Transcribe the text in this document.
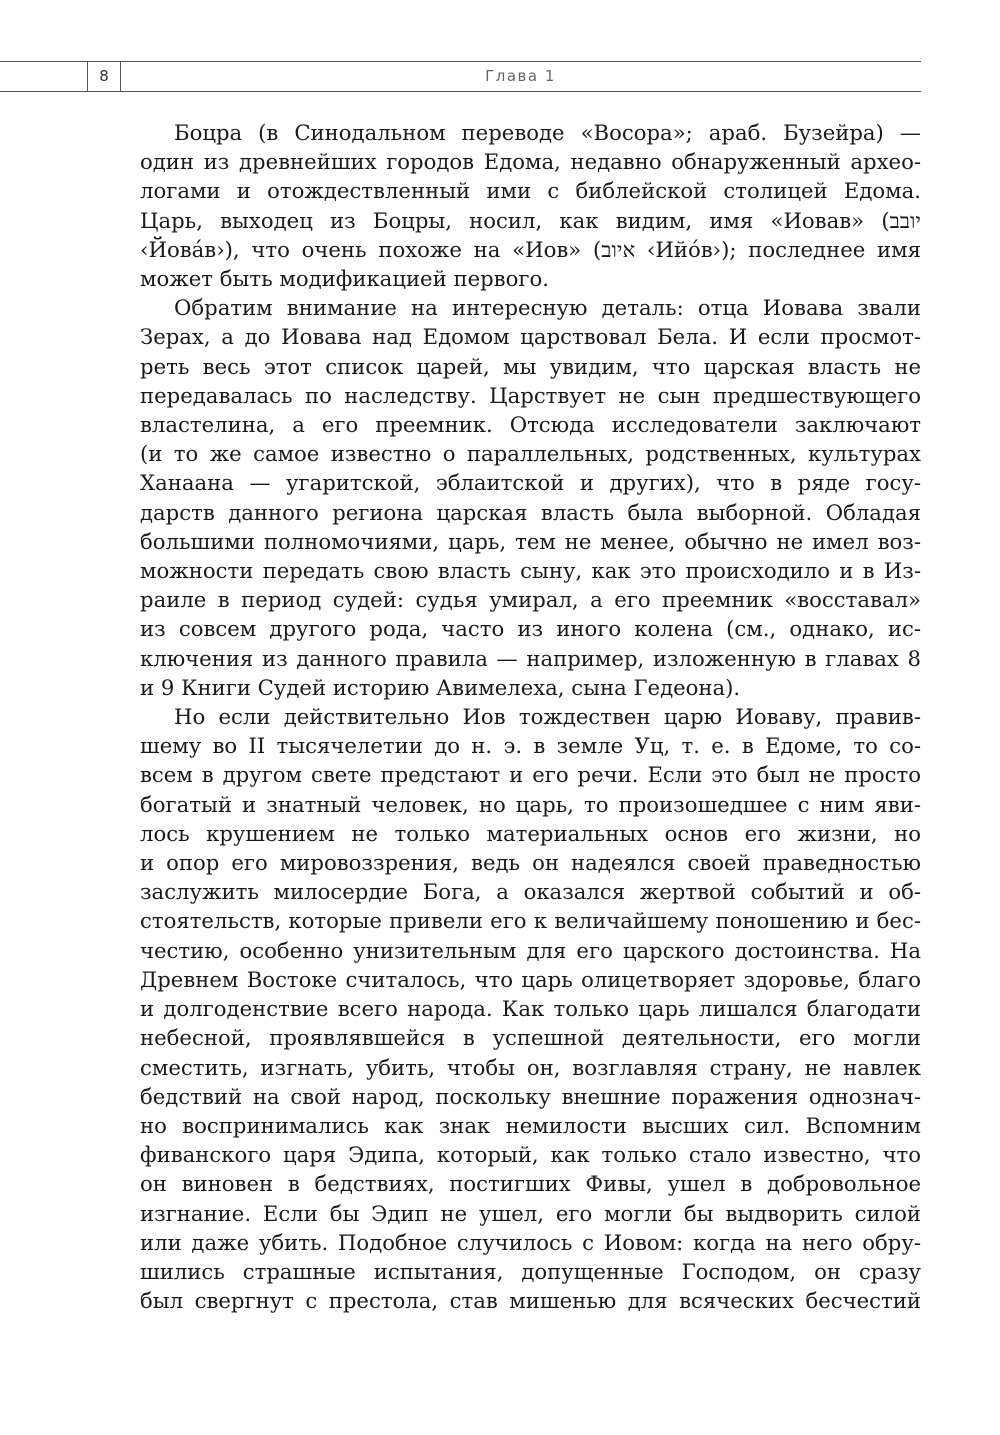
8	Глава 1

Боцра (в Синодальном переводе «Восора»; араб. Бузейра) —
один из древнейших городов Едома, недавно обнаруженный архео-
логами и отождествленный ими с библейской столицей Едома.
Царь, выходец из Боцры, носил, как видим, имя «Иовав» (יובב
‹Йова́в›), что очень похоже на «Иов» (איוב ‹Ийо́в›); последнее имя
может быть модификацией первого.

Обратим внимание на интересную деталь: отца Иовава звали
Зерах, а до Иовава над Едомом царствовал Бела. И если просмот-
реть весь этот список царей, мы увидим, что царская власть не
передавалась по наследству. Царствует не сын предшествующего
властелина, а его преемник. Отсюда исследователи заключают
(и то же самое известно о параллельных, родственных, культурах
Ханаана — угаритской, эблаитской и других), что в ряде госу-
дарств данного региона царская власть была выборной. Обладая
большими полномочиями, царь, тем не менее, обычно не имел воз-
можности передать свою власть сыну, как это происходило и в Из-
раиле в период судей: судья умирал, а его преемник «восставал»
из совсем другого рода, часто из иного колена (см., однако, ис-
ключения из данного правила — например, изложенную в главах 8
и 9 Книги Судей историю Авимелеха, сына Гедеона).

Но если действительно Иов тождествен царю Иоваву, правив-
шему во II тысячелетии до н. э. в земле Уц, т. е. в Едоме, то со-
всем в другом свете предстают и его речи. Если это был не просто
богатый и знатный человек, но царь, то произошедшее с ним яви-
лось крушением не только материальных основ его жизни, но
и опор его мировоззрения, ведь он надеялся своей праведностью
заслужить милосердие Бога, а оказался жертвой событий и об-
стоятельств, которые привели его к величайшему поношению и бес-
честию, особенно унизительным для его царского достоинства. На
Древнем Востоке считалось, что царь олицетворяет здоровье, благо
и долгоденствие всего народа. Как только царь лишался благодати
небесной, проявлявшейся в успешной деятельности, его могли
сместить, изгнать, убить, чтобы он, возглавляя страну, не навлек
бедствий на свой народ, поскольку внешние поражения однознач-
но воспринимались как знак немилости высших сил. Вспомним
фиванского царя Эдипа, который, как только стало известно, что
он виновен в бедствиях, постигших Фивы, ушел в добровольное
изгнание. Если бы Эдип не ушел, его могли бы выдворить силой
или даже убить. Подобное случилось с Иовом: когда на него обру-
шились страшные испытания, допущенные Господом, он сразу
был свергнут с престола, став мишенью для всяческих бесчестий
